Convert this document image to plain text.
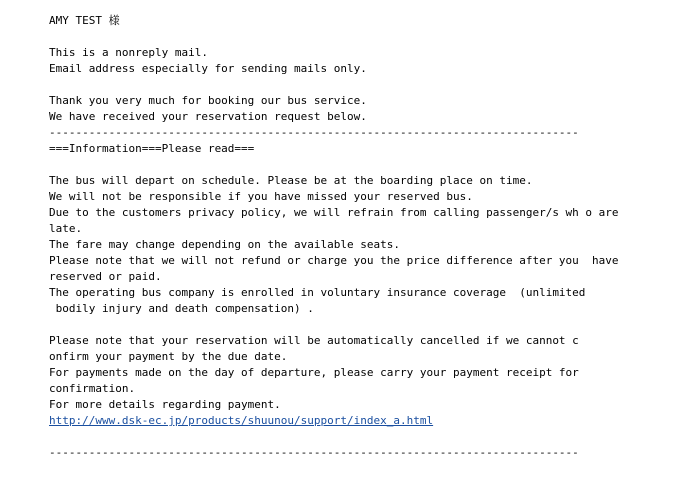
AMY TEST 様
This is a nonreply mail.
Email address especially for sending mails only.
Thank you very much for booking our bus service.
We have received your reservation request below.
--------------------------------------------------------------------------------
===Information===Please read===
The bus will depart on schedule. Please be at the boarding place on time.
We will not be responsible if you have missed your reserved bus.
Due to the customers privacy policy, we will refrain from calling passenger/s wh o are
late.
The fare may change depending on the available seats.
Please note that we will not refund or charge you the price difference after you  have
reserved or paid.
The operating bus company is enrolled in voluntary insurance coverage  (unlimited
bodily injury and death compensation) .
Please note that your reservation will be automatically cancelled if we cannot c
onfirm your payment by the due date.
For payments made on the day of departure, please carry your payment receipt for
confirmation.
For more details regarding payment.
http://www.dsk-ec.jp/products/shuunou/support/index_a.html
--------------------------------------------------------------------------------
